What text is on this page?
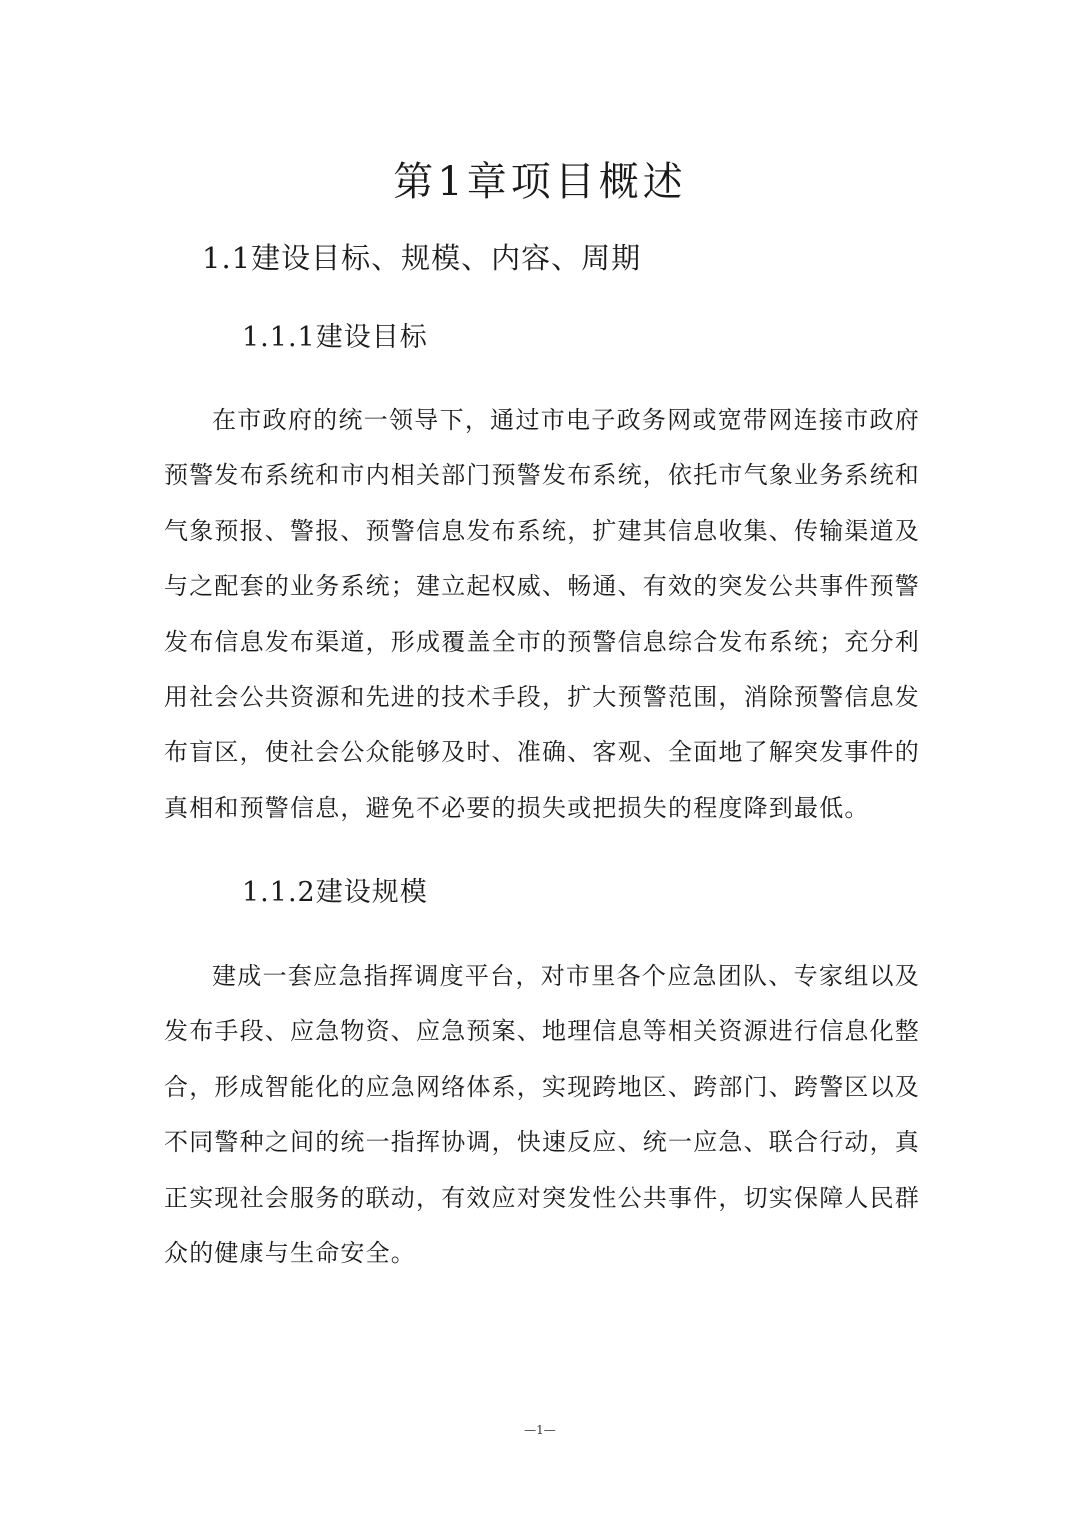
第1章项目概述
1.1建设目标、规模、内容、周期
1.1.1建设目标

在市政府的统一领导下，通过市电子政务网或宽带网连接市政府预警发布系统和市内相关部门预警发布系统，依托市气象业务系统和气象预报、警报、预警信息发布系统，扩建其信息收集、传输渠道及与之配套的业务系统；建立起权威、畅通、有效的突发公共事件预警发布信息发布渠道，形成覆盖全市的预警信息综合发布系统；充分利用社会公共资源和先进的技术手段，扩大预警范围，消除预警信息发布盲区，使社会公众能够及时、准确、客观、全面地了解突发事件的真相和预警信息，避免不必要的损失或把损失的程度降到最低。

1.1.2建设规模

建成一套应急指挥调度平台，对市里各个应急团队、专家组以及发布手段、应急物资、应急预案、地理信息等相关资源进行信息化整合，形成智能化的应急网络体系，实现跨地区、跨部门、跨警区以及不同警种之间的统一指挥协调，快速反应、统一应急、联合行动，真正实现社会服务的联动，有效应对突发性公共事件，切实保障人民群众的健康与生命安全。

—1—
